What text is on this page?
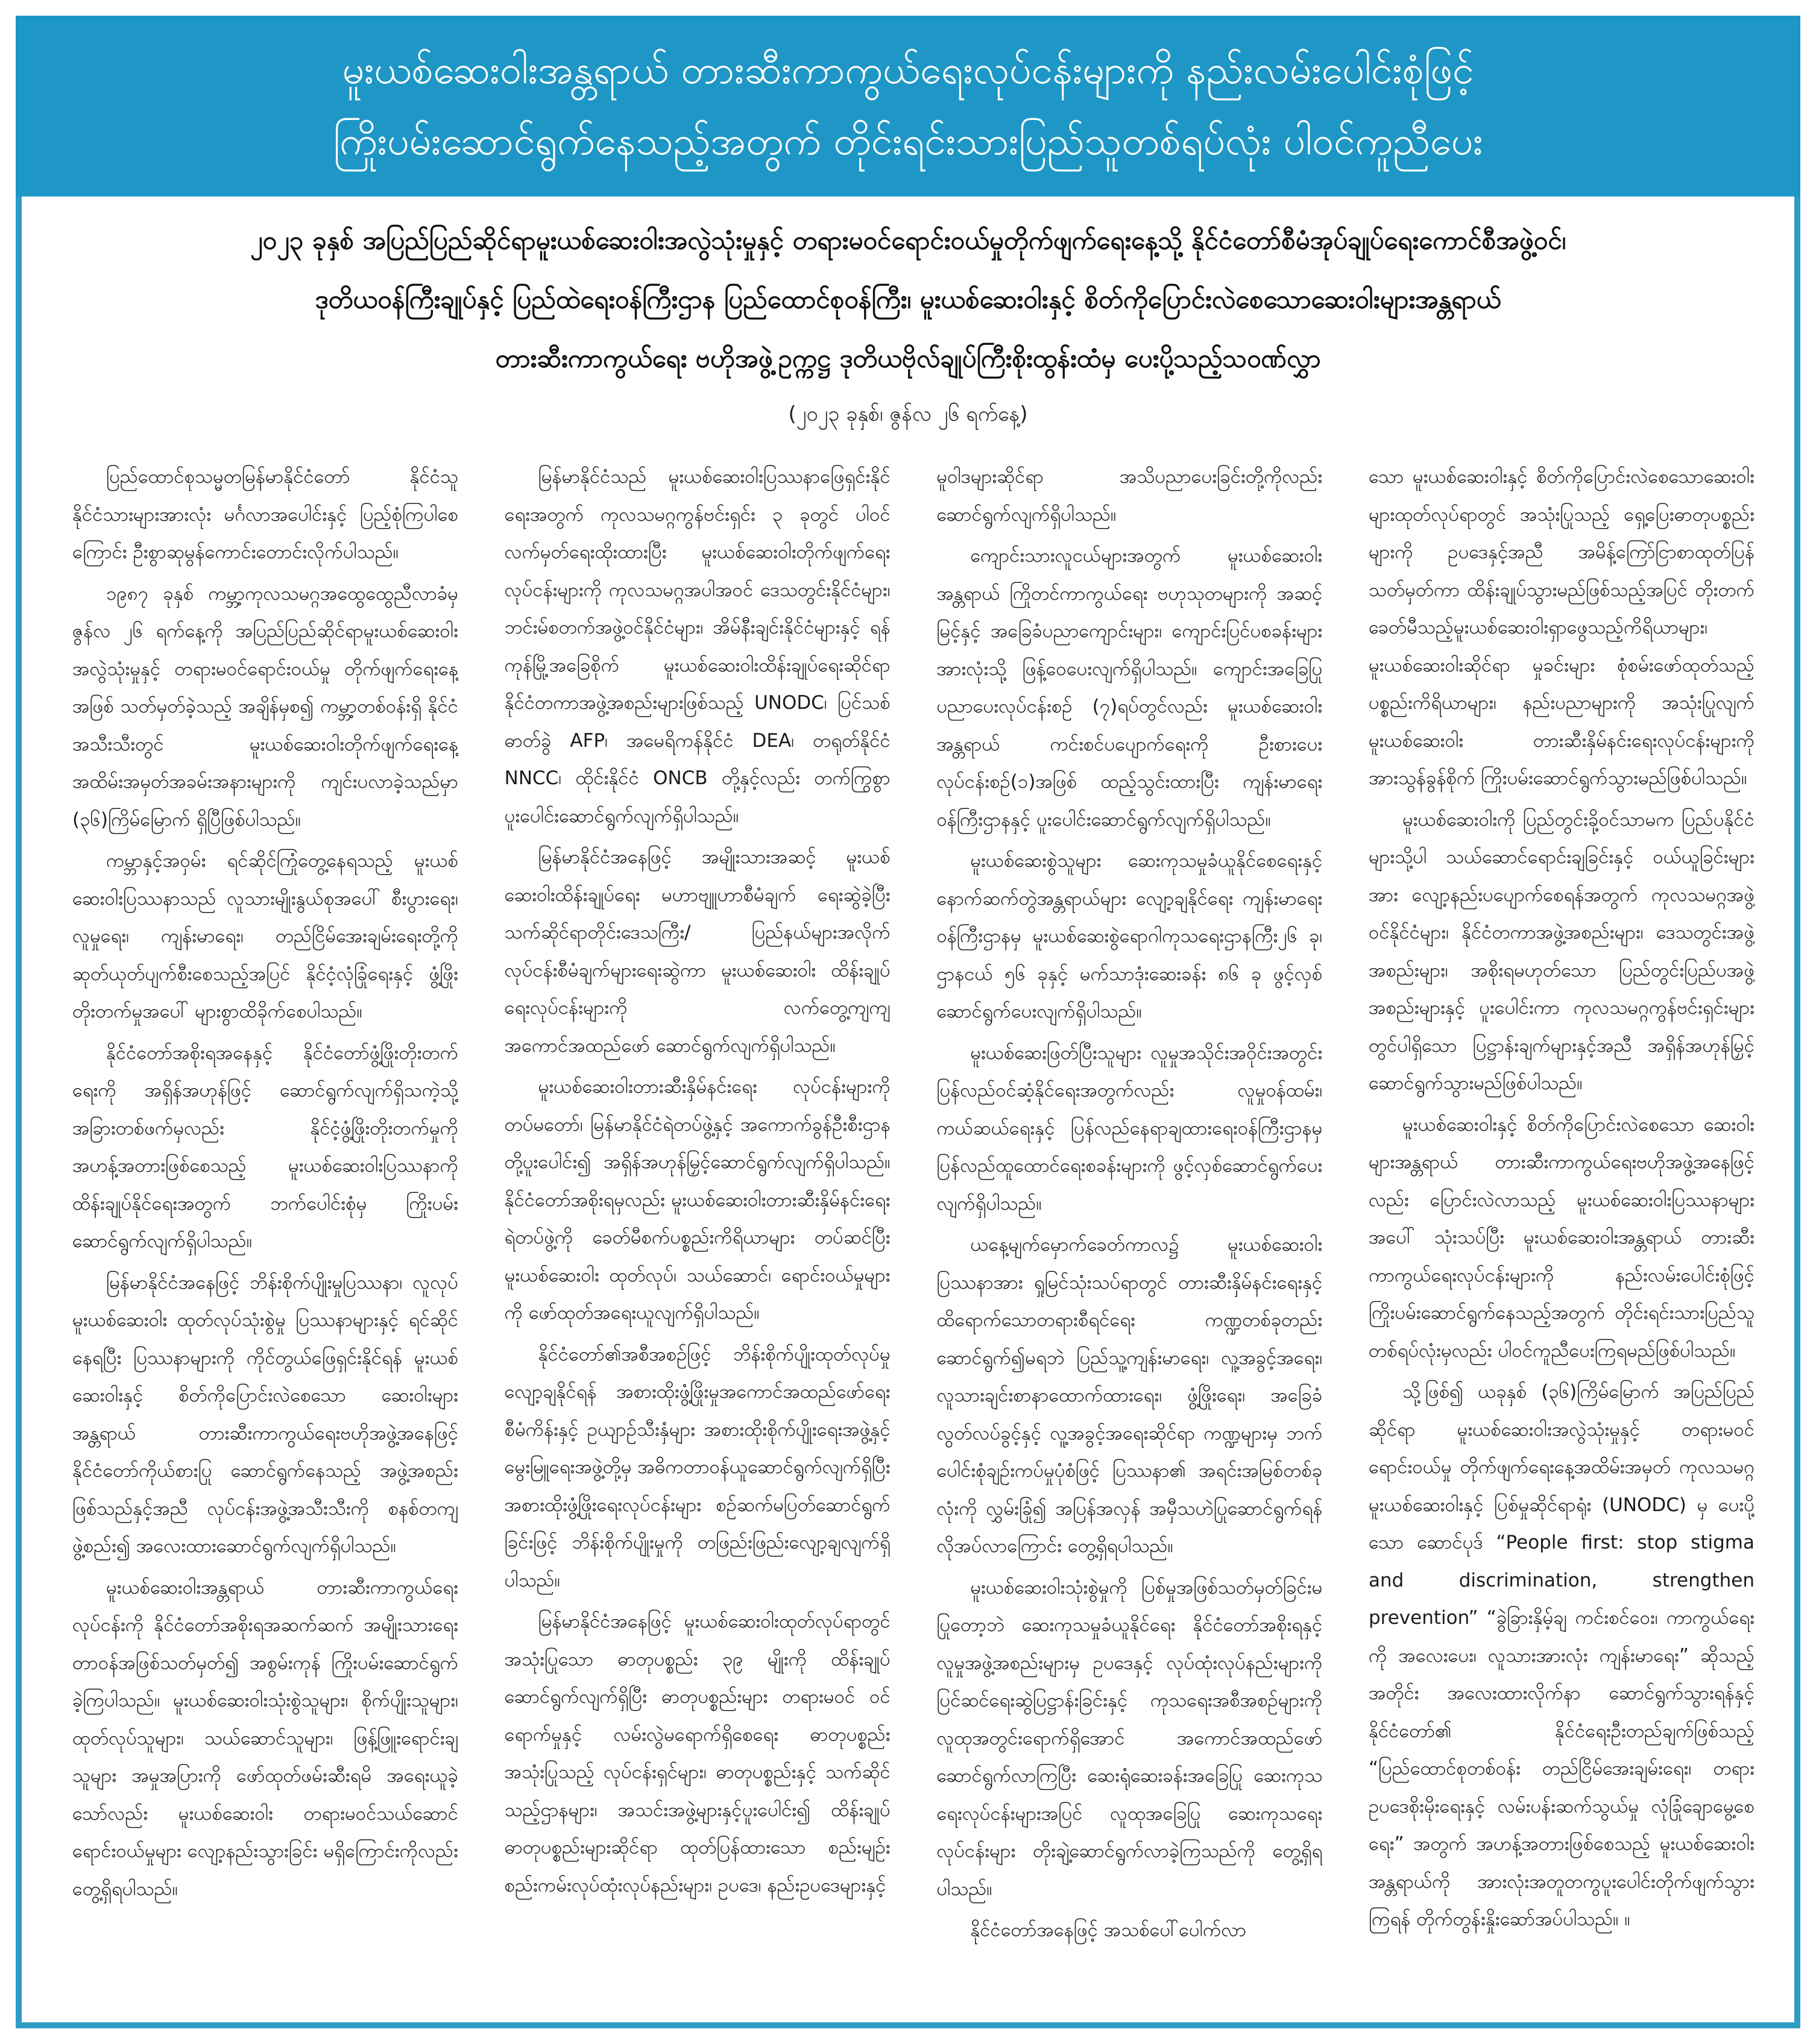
မူးယစ်ဆေးဝါးအန္တရာယ် တားဆီးကာကွယ်ရေးလုပ်ငန်းများကို နည်းလမ်းပေါင်းစုံဖြင့်
ကြိုးပမ်းဆောင်ရွက်နေသည့်အတွက် တိုင်းရင်းသားပြည်သူတစ်ရပ်လုံး ပါဝင်ကူညီပေး
၂၀၂၃ ခုနှစ် အပြည်ပြည်ဆိုင်ရာမူးယစ်ဆေးဝါးအလွဲသုံးမှုနှင့် တရားမဝင်ရောင်းဝယ်မှုတိုက်ဖျက်ရေးနေ့သို့ နိုင်ငံတော်စီမံအုပ်ချုပ်ရေးကောင်စီအဖွဲ့ဝင်၊
ဒုတိယဝန်ကြီးချုပ်နှင့် ပြည်ထဲရေးဝန်ကြီးဌာန ပြည်ထောင်စုဝန်ကြီး၊ မူးယစ်ဆေးဝါးနှင့် စိတ်ကိုပြောင်းလဲစေသောဆေးဝါးများအန္တရာယ်
တားဆီးကာကွယ်ရေး ဗဟိုအဖွဲ့ဥက္ကဋ္ဌ ဒုတိယဗိုလ်ချုပ်ကြီးစိုးထွန်းထံမှ ပေးပို့သည့်သဝဏ်လွှာ
(၂၀၂၃ ခုနှစ်၊ ဇွန်လ ၂၆ ရက်နေ့)

ပြည်ထောင်စုသမ္မတမြန်မာနိုင်ငံတော် နိုင်ငံသူ နိုင်ငံသားများအားလုံး မင်္ဂလာအပေါင်းနှင့် ပြည့်စုံကြပါစေကြောင်း ဦးစွာဆုမွန်ကောင်းတောင်းလိုက်ပါသည်။

၁၉၈၇ ခုနှစ် ကမ္ဘာ့ကုလသမဂ္ဂအထွေထွေညီလာခံမှ ဇွန်လ ၂၆ ရက်နေ့ကို အပြည်ပြည်ဆိုင်ရာမူးယစ်ဆေးဝါးအလွဲသုံးမှုနှင့် တရားမဝင်ရောင်းဝယ်မှု တိုက်ဖျက်ရေးနေ့ အဖြစ် သတ်မှတ်ခဲ့သည့် အချိန်မှစ၍ ကမ္ဘာ့တစ်ဝန်းရှိ နိုင်ငံအသီးသီးတွင် မူးယစ်ဆေးဝါးတိုက်ဖျက်ရေးနေ့ အထိမ်းအမှတ်အခမ်းအနားများကို ကျင်းပလာခဲ့သည်မှာ (၃၆)ကြိမ်မြောက် ရှိပြီဖြစ်ပါသည်။

ကမ္ဘာနှင့်အဝှမ်း ရင်ဆိုင်ကြုံတွေ့နေရသည့် မူးယစ်ဆေးဝါးပြဿနာသည် လူသားမျိုးနွယ်စုအပေါ် စီးပွားရေး၊ လူမှုရေး၊ ကျန်းမာရေး၊ တည်ငြိမ်အေးချမ်းရေးတို့ကို ဆုတ်ယုတ်ပျက်စီးစေသည့်အပြင် နိုင်ငံ့လုံခြုံရေးနှင့် ဖွံ့ဖြိုးတိုးတက်မှုအပေါ် များစွာထိခိုက်စေပါသည်။

နိုင်ငံတော်အစိုးရအနေနှင့် နိုင်ငံတော်ဖွံ့ဖြိုးတိုးတက်ရေးကို အရှိန်အဟုန်ဖြင့် ဆောင်ရွက်လျက်ရှိသကဲ့သို့ အခြားတစ်ဖက်မှလည်း နိုင်ငံ့ဖွံ့ဖြိုးတိုးတက်မှုကို အဟန့်အတားဖြစ်စေသည့် မူးယစ်ဆေးဝါးပြဿနာကို ထိန်းချုပ်နိုင်ရေးအတွက် ဘက်ပေါင်းစုံမှ ကြိုးပမ်းဆောင်ရွက်လျက်ရှိပါသည်။

မြန်မာနိုင်ငံအနေဖြင့် ဘိန်းစိုက်ပျိုးမှုပြဿနာ၊ လူလုပ်မူးယစ်ဆေးဝါး ထုတ်လုပ်သုံးစွဲမှု ပြဿနာများနှင့် ရင်ဆိုင်နေရပြီး ပြဿနာများကို ကိုင်တွယ်ဖြေရှင်းနိုင်ရန် မူးယစ်ဆေးဝါးနှင့် စိတ်ကိုပြောင်းလဲစေသော ဆေးဝါးများအန္တရာယ် တားဆီးကာကွယ်ရေးဗဟိုအဖွဲ့အနေဖြင့် နိုင်ငံတော်ကိုယ်စားပြု ဆောင်ရွက်နေသည့် အဖွဲ့အစည်းဖြစ်သည်နှင့်အညီ လုပ်ငန်းအဖွဲ့အသီးသီးကို စနစ်တကျဖွဲ့စည်း၍ အလေးထားဆောင်ရွက်လျက်ရှိပါသည်။

မူးယစ်ဆေးဝါးအန္တရာယ် တားဆီးကာကွယ်ရေးလုပ်ငန်းကို နိုင်ငံတော်အစိုးရအဆက်ဆက် အမျိုးသားရေးတာဝန်အဖြစ်သတ်မှတ်၍ အစွမ်းကုန် ကြိုးပမ်းဆောင်ရွက်ခဲ့ကြပါသည်။ မူးယစ်ဆေးဝါးသုံးစွဲသူများ၊ စိုက်ပျိုးသူများ၊ ထုတ်လုပ်သူများ၊ သယ်ဆောင်သူများ၊ ဖြန့်ဖြူးရောင်းချသူများ အမှုအပြားကို ဖော်ထုတ်ဖမ်းဆီးရမိ အရေးယူခဲ့သော်လည်း မူးယစ်ဆေးဝါး တရားမဝင်သယ်ဆောင်ရောင်းဝယ်မှုများ လျော့နည်းသွားခြင်း မရှိကြောင်းကိုလည်း တွေ့ရှိရပါသည်။

မြန်မာနိုင်ငံသည် မူးယစ်ဆေးဝါးပြဿနာဖြေရှင်းနိုင်ရေးအတွက် ကုလသမဂ္ဂကွန်ဗင်းရှင်း ၃ ခုတွင် ပါဝင်လက်မှတ်ရေးထိုးထားပြီး မူးယစ်ဆေးဝါးတိုက်ဖျက်ရေးလုပ်ငန်းများကို ကုလသမဂ္ဂအပါအဝင် ဒေသတွင်းနိုင်ငံများ၊ ဘင်းမ်စတက်အဖွဲ့ဝင်နိုင်ငံများ၊ အိမ်နီးချင်းနိုင်ငံများနှင့် ရန်ကုန်မြို့အခြေစိုက် မူးယစ်ဆေးဝါးထိန်းချုပ်ရေးဆိုင်ရာ နိုင်ငံတကာအဖွဲ့အစည်းများဖြစ်သည့် UNODC၊ ပြင်သစ်ဓာတ်ခွဲ AFP၊ အမေရိကန်နိုင်ငံ DEA၊ တရုတ်နိုင်ငံ NNCC၊ ထိုင်းနိုင်ငံ ONCB တို့နှင့်လည်း တက်ကြွစွာ ပူးပေါင်းဆောင်ရွက်လျက်ရှိပါသည်။

မြန်မာနိုင်ငံအနေဖြင့် အမျိုးသားအဆင့် မူးယစ်ဆေးဝါးထိန်းချုပ်ရေး မဟာဗျူဟာစီမံချက် ရေးဆွဲခဲ့ပြီး သက်ဆိုင်ရာတိုင်းဒေသကြီး/ ပြည်နယ်များအလိုက် လုပ်ငန်းစီမံချက်များရေးဆွဲကာ မူးယစ်ဆေးဝါး ထိန်းချုပ်ရေးလုပ်ငန်းများကို လက်တွေ့ကျကျ အကောင်အထည်ဖော် ဆောင်ရွက်လျက်ရှိပါသည်။

မူးယစ်ဆေးဝါးတားဆီးနှိမ်နင်းရေး လုပ်ငန်းများကို တပ်မတော်၊ မြန်မာနိုင်ငံရဲတပ်ဖွဲ့နှင့် အကောက်ခွန်ဦးစီးဌာနတို့ပူးပေါင်း၍ အရှိန်အဟုန်မြှင့်ဆောင်ရွက်လျက်ရှိပါသည်။ နိုင်ငံတော်အစိုးရမှလည်း မူးယစ်ဆေးဝါးတားဆီးနှိမ်နင်းရေးရဲတပ်ဖွဲ့ကို ခေတ်မီစက်ပစ္စည်းကိရိယာများ တပ်ဆင်ပြီး မူးယစ်ဆေးဝါး ထုတ်လုပ်၊ သယ်ဆောင်၊ ရောင်းဝယ်မှုများကို ဖော်ထုတ်အရေးယူလျက်ရှိပါသည်။

နိုင်ငံတော်၏အစီအစဉ်ဖြင့် ဘိန်းစိုက်ပျိုးထုတ်လုပ်မှု လျော့ချနိုင်ရန် အစားထိုးဖွံ့ဖြိုးမှုအကောင်အထည်ဖော်ရေး စီမံကိန်းနှင့် ဥယျာဉ်သီးနှံများ အစားထိုးစိုက်ပျိုးရေးအဖွဲ့နှင့် မွေးမြူရေးအဖွဲ့တို့မှ အဓိကတာဝန်ယူဆောင်ရွက်လျက်ရှိပြီး အစားထိုးဖွံ့ဖြိုးရေးလုပ်ငန်းများ စဉ်ဆက်မပြတ်ဆောင်ရွက်ခြင်းဖြင့် ဘိန်းစိုက်ပျိုးမှုကို တဖြည်းဖြည်းလျော့ချလျက်ရှိပါသည်။

မြန်မာနိုင်ငံအနေဖြင့် မူးယစ်ဆေးဝါးထုတ်လုပ်ရာတွင် အသုံးပြုသော ဓာတုပစ္စည်း ၃၉ မျိုးကို ထိန်းချုပ်ဆောင်ရွက်လျက်ရှိပြီး ဓာတုပစ္စည်းများ တရားမဝင် ဝင်ရောက်မှုနှင့် လမ်းလွဲမရောက်ရှိစေရေး ဓာတုပစ္စည်းအသုံးပြုသည့် လုပ်ငန်းရှင်များ၊ ဓာတုပစ္စည်းနှင့် သက်ဆိုင်သည့်ဌာနများ၊ အသင်းအဖွဲ့များနှင့်ပူးပေါင်း၍ ထိန်းချုပ်ဓာတုပစ္စည်းများဆိုင်ရာ ထုတ်ပြန်ထားသော စည်းမျဉ်းစည်းကမ်းလုပ်ထုံးလုပ်နည်းများ၊ ဥပဒေ၊ နည်းဥပဒေများနှင့်

မူဝါဒများဆိုင်ရာ အသိပညာပေးခြင်းတို့ကိုလည်း ဆောင်ရွက်လျက်ရှိပါသည်။

ကျောင်းသားလူငယ်များအတွက် မူးယစ်ဆေးဝါးအန္တရာယ် ကြိုတင်ကာကွယ်ရေး ဗဟုသုတများကို အဆင့်မြင့်နှင့် အခြေခံပညာကျောင်းများ၊ ကျောင်းပြင်ပစခန်းများ အားလုံးသို့ ဖြန့်ဝေပေးလျက်ရှိပါသည်။ ကျောင်းအခြေပြုပညာပေးလုပ်ငန်းစဉ် (၇)ရပ်တွင်လည်း မူးယစ်ဆေးဝါး အန္တရာယ် ကင်းစင်ပပျောက်ရေးကို ဦးစားပေးလုပ်ငန်းစဉ်(၁)အဖြစ် ထည့်သွင်းထားပြီး ကျန်းမာရေးဝန်ကြီးဌာနနှင့် ပူးပေါင်းဆောင်ရွက်လျက်ရှိပါသည်။

မူးယစ်ဆေးစွဲသူများ ဆေးကုသမှုခံယူနိုင်စေရေးနှင့် နောက်ဆက်တွဲအန္တရာယ်များ လျော့ချနိုင်ရေး ကျန်းမာရေးဝန်ကြီးဌာနမှ မူးယစ်ဆေးစွဲရောဂါကုသရေးဌာနကြီး၂၆ ခု၊ ဌာနငယ် ၅၆ ခုနှင့် မက်သာဒုံးဆေးခန်း ၈၆ ခု ဖွင့်လှစ်ဆောင်ရွက်ပေးလျက်ရှိပါသည်။

မူးယစ်ဆေးဖြတ်ပြီးသူများ လူမှုအသိုင်းအဝိုင်းအတွင်း ပြန်လည်ဝင်ဆံ့နိုင်ရေးအတွက်လည်း လူမှုဝန်ထမ်း၊ ကယ်ဆယ်ရေးနှင့် ပြန်လည်နေရာချထားရေးဝန်ကြီးဌာနမှ ပြန်လည်ထူထောင်ရေးစခန်းများကို ဖွင့်လှစ်ဆောင်ရွက်ပေးလျက်ရှိပါသည်။

ယနေ့မျက်မှောက်ခေတ်ကာလ၌ မူးယစ်ဆေးဝါးပြဿနာအား ရှုမြင်သုံးသပ်ရာတွင် တားဆီးနှိမ်နင်းရေးနှင့် ထိရောက်သောတရားစီရင်ရေး ကဏ္ဍတစ်ခုတည်း ဆောင်ရွက်၍မရဘဲ ပြည်သူ့ကျန်းမာရေး၊ လူ့အခွင့်အရေး၊ လူသားချင်းစာနာထောက်ထားရေး၊ ဖွံ့ဖြိုးရေး၊ အခြေခံလွတ်လပ်ခွင့်နှင့် လူ့အခွင့်အရေးဆိုင်ရာ ကဏ္ဍများမှ ဘက်ပေါင်းစုံချဉ်းကပ်မှုပုံစံဖြင့် ပြဿနာ၏ အရင်းအမြစ်တစ်ခုလုံးကို လွှမ်းခြုံ၍ အပြန်အလှန် အမှီသဟဲပြုဆောင်ရွက်ရန် လိုအပ်လာကြောင်း တွေ့ရှိရပါသည်။

မူးယစ်ဆေးဝါးသုံးစွဲမှုကို ပြစ်မှုအဖြစ်သတ်မှတ်ခြင်းမပြုတော့ဘဲ ဆေးကုသမှုခံယူနိုင်ရေး နိုင်ငံတော်အစိုးရနှင့် လူမှုအဖွဲ့အစည်းများမှ ဥပဒေနှင့် လုပ်ထုံးလုပ်နည်းများကို ပြင်ဆင်ရေးဆွဲပြဋ္ဌာန်းခြင်းနှင့် ကုသရေးအစီအစဉ်များကို လူထုအတွင်းရောက်ရှိအောင် အကောင်အထည်ဖော် ဆောင်ရွက်လာကြပြီး ဆေးရုံဆေးခန်းအခြေပြု ဆေးကုသရေးလုပ်ငန်းများအပြင် လူထုအခြေပြု ဆေးကုသရေးလုပ်ငန်းများ တိုးချဲ့ဆောင်ရွက်လာခဲ့ကြသည်ကို တွေ့ရှိရပါသည်။

နိုင်ငံတော်အနေဖြင့် အသစ်ပေါ်ပေါက်လာ

သော မူးယစ်ဆေးဝါးနှင့် စိတ်ကိုပြောင်းလဲစေသောဆေးဝါးများထုတ်လုပ်ရာတွင် အသုံးပြုသည့် ရှေ့ပြေးဓာတုပစ္စည်းများကို ဥပဒေနှင့်အညီ အမိန့်ကြော်ငြာစာထုတ်ပြန်သတ်မှတ်ကာ ထိန်းချုပ်သွားမည်ဖြစ်သည့်အပြင် တိုးတက်ခေတ်မီသည့်မူးယစ်ဆေးဝါးရှာဖွေသည့်ကိရိယာများ၊ မူးယစ်ဆေးဝါးဆိုင်ရာ မှုခင်းများ စုံစမ်းဖော်ထုတ်သည့် ပစ္စည်းကိရိယာများ၊ နည်းပညာများကို အသုံးပြုလျက် မူးယစ်ဆေးဝါး တားဆီးနှိမ်နင်းရေးလုပ်ငန်းများကို အားသွန်ခွန်စိုက် ကြိုးပမ်းဆောင်ရွက်သွားမည်ဖြစ်ပါသည်။

မူးယစ်ဆေးဝါးကို ပြည်တွင်းခို့ဝင်သာမက ပြည်ပနိုင်ငံများသို့ပါ သယ်ဆောင်ရောင်းချခြင်းနှင့် ဝယ်ယူခြင်းများအား လျော့နည်းပပျောက်စေရန်အတွက် ကုလသမဂ္ဂအဖွဲ့ဝင်နိုင်ငံများ၊ နိုင်ငံတကာအဖွဲ့အစည်းများ၊ ဒေသတွင်းအဖွဲ့အစည်းများ၊ အစိုးရမဟုတ်သော ပြည်တွင်းပြည်ပအဖွဲ့အစည်းများနှင့် ပူးပေါင်းကာ ကုလသမဂ္ဂကွန်ဗင်းရှင်းများတွင်ပါရှိသော ပြဋ္ဌာန်းချက်များနှင့်အညီ အရှိန်အဟုန်မြှင့် ဆောင်ရွက်သွားမည်ဖြစ်ပါသည်။

မူးယစ်ဆေးဝါးနှင့် စိတ်ကိုပြောင်းလဲစေသော ဆေးဝါးများအန္တရာယ် တားဆီးကာကွယ်ရေးဗဟိုအဖွဲ့အနေဖြင့်လည်း ပြောင်းလဲလာသည့် မူးယစ်ဆေးဝါးပြဿနာများအပေါ် သုံးသပ်ပြီး မူးယစ်ဆေးဝါးအန္တရာယ် တားဆီးကာကွယ်ရေးလုပ်ငန်းများကို နည်းလမ်းပေါင်းစုံဖြင့် ကြိုးပမ်းဆောင်ရွက်နေသည့်အတွက် တိုင်းရင်းသားပြည်သူတစ်ရပ်လုံးမှလည်း ပါဝင်ကူညီပေးကြရမည်ဖြစ်ပါသည်။

သို့ဖြစ်၍ ယခုနှစ် (၃၆)ကြိမ်မြောက် အပြည်ပြည်ဆိုင်ရာ မူးယစ်ဆေးဝါးအလွဲသုံးမှုနှင့် တရားမဝင်ရောင်းဝယ်မှု တိုက်ဖျက်ရေးနေ့အထိမ်းအမှတ် ကုလသမဂ္ဂမူးယစ်ဆေးဝါးနှင့် ပြစ်မှုဆိုင်ရာရုံး (UNODC) မှ ပေးပို့သော ဆောင်ပုဒ် “People first: stop stigma and discrimination, strengthen prevention” “ခွဲခြားနှိမ့်ချ ကင်းစင်ဝေး၊ ကာကွယ်ရေးကို အလေးပေး၊ လူသားအားလုံး ကျန်းမာရေး” ဆိုသည့်အတိုင်း အလေးထားလိုက်နာ ဆောင်ရွက်သွားရန်နှင့် နိုင်ငံတော်၏ နိုင်ငံရေးဦးတည်ချက်ဖြစ်သည့် “ပြည်ထောင်စုတစ်ဝန်း တည်ငြိမ်အေးချမ်းရေး၊ တရားဥပဒေစိုးမိုးရေးနှင့် လမ်းပန်းဆက်သွယ်မှု လုံခြုံချောမွေ့စေရေး” အတွက် အဟန့်အတားဖြစ်စေသည့် မူးယစ်ဆေးဝါးအန္တရာယ်ကို အားလုံးအတူတကွပူးပေါင်းတိုက်ဖျက်သွားကြရန် တိုက်တွန်းနှိုးဆော်အပ်ပါသည်။ ။
